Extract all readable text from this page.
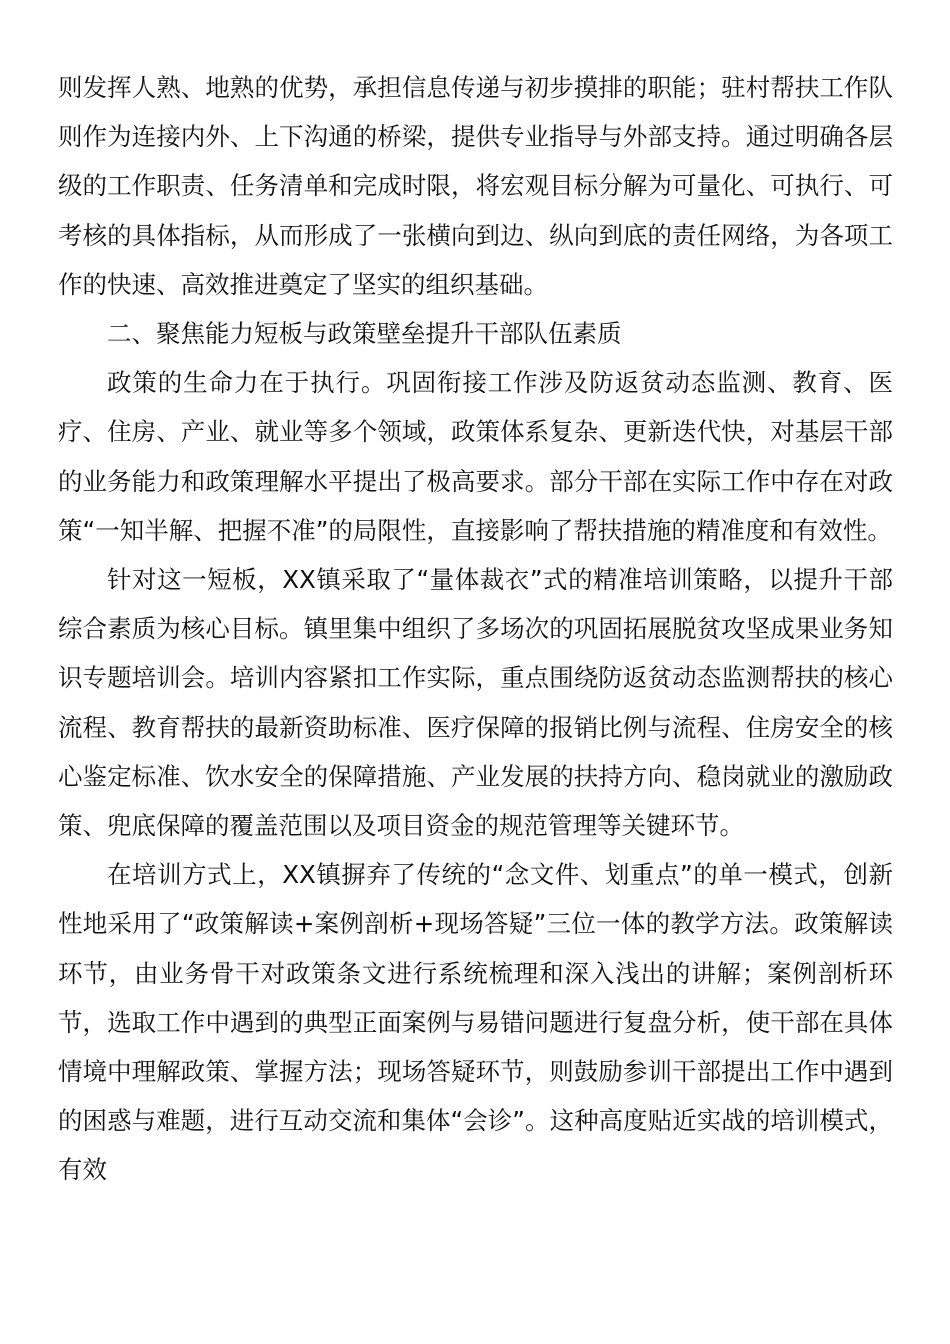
则发挥人熟、地熟的优势，承担信息传递与初步摸排的职能；驻村帮扶工作队则作为连接内外、上下沟通的桥梁，提供专业指导与外部支持。通过明确各层级的工作职责、任务清单和完成时限，将宏观目标分解为可量化、可执行、可考核的具体指标，从而形成了一张横向到边、纵向到底的责任网络，为各项工作的快速、高效推进奠定了坚实的组织基础。

二、聚焦能力短板与政策壁垒提升干部队伍素质

政策的生命力在于执行。巩固衔接工作涉及防返贫动态监测、教育、医疗、住房、产业、就业等多个领域，政策体系复杂、更新迭代快，对基层干部的业务能力和政策理解水平提出了极高要求。部分干部在实际工作中存在对政策“一知半解、把握不准”的局限性，直接影响了帮扶措施的精准度和有效性。

针对这一短板，XX镇采取了“量体裁衣”式的精准培训策略，以提升干部综合素质为核心目标。镇里集中组织了多场次的巩固拓展脱贫攻坚成果业务知识专题培训会。培训内容紧扣工作实际，重点围绕防返贫动态监测帮扶的核心流程、教育帮扶的最新资助标准、医疗保障的报销比例与流程、住房安全的核心鉴定标准、饮水安全的保障措施、产业发展的扶持方向、稳岗就业的激励政策、兜底保障的覆盖范围以及项目资金的规范管理等关键环节。

在培训方式上，XX镇摒弃了传统的“念文件、划重点”的单一模式，创新性地采用了“政策解读+案例剖析+现场答疑”三位一体的教学方法。政策解读环节，由业务骨干对政策条文进行系统梳理和深入浅出的讲解；案例剖析环节，选取工作中遇到的典型正面案例与易错问题进行复盘分析，使干部在具体情境中理解政策、掌握方法；现场答疑环节，则鼓励参训干部提出工作中遇到的困惑与难题，进行互动交流和集体“会诊”。这种高度贴近实战的培训模式，有效
